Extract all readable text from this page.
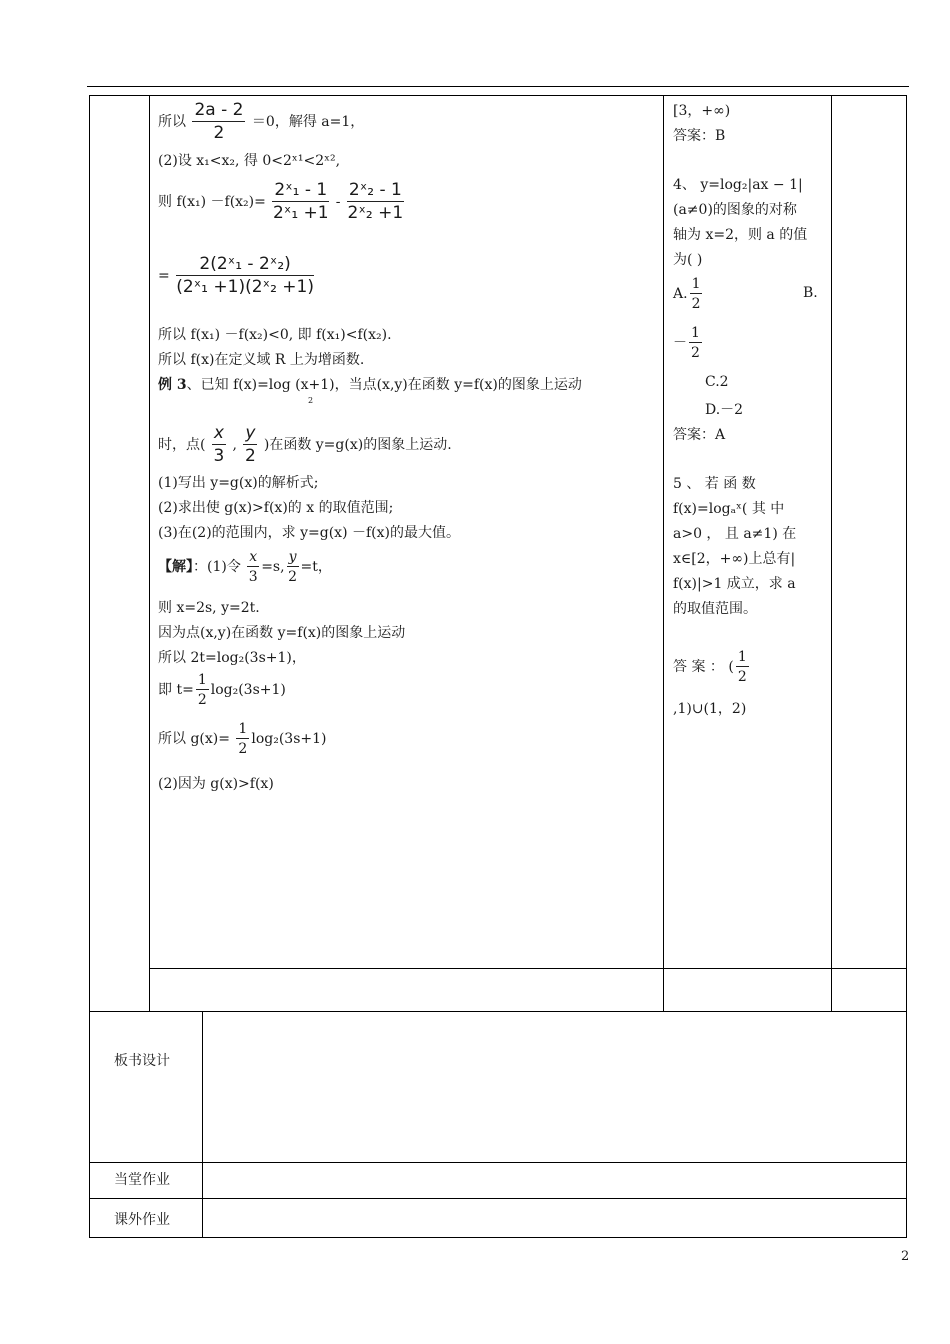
所以 $\frac{2a - 2}{2} =0$，解得 a=1，
(2)设 x₁<x₂, 得 0<2ˣ¹<2ˣ²,
则 $f(x_1) -f(x_2)= \frac{\text{2ˣ₁ - 1}}{\text{2ˣ₁ +1}} - \frac{\text{2ˣ₂ - 1}}{\text{2ˣ₂ +1}}$
= $\frac{\text{2(2ˣ₁ - 2ˣ₂)}}{\text{(2ˣ₁ +1)(2ˣ₂ +1)}}$
所以 f(x₁) －f(x₂)<0, 即 f(x₁)<f(x₂).
所以 f(x)在定义域 R 上为增函数.
例 3、已知 f(x)=log (x+1)，当点(x,y)在函数 y=f(x)的图象上运动
2
时，点( $\frac{x}{3}$ , $\frac{y}{2}$ )在函数 y=g(x)的图象上运动.
(1)写出 y=g(x)的解析式;
(2)求出使 g(x)>f(x)的 x 的取值范围;
(3)在(2)的范围内，求 y=g(x) －f(x)的最大值。
【解】：(1)令 $\frac{x}{3} =s$, $\frac{y}{2} =t$，
则 x=2s, y=2t.
因为点(x,y)在函数 y=f(x)的图象上运动
所以 2t=log₂(3s+1)，
即 $t= \frac{1}{2} \log_2(3s+1)$
所以 $g(x)= \frac{1}{2} \log_2(3s+1)$
(2)因为 g(x)>f(x)
[3，+∞)
答案：B
4、 y=log₂|ax − 1|
(a≠0)的图象的对称
轴为 x=2，则 a 的值
为( )
A. $\frac{1}{2}$	B.
－ $\frac{1}{2}$
C.2
D.－2
答案：A
5 、 若 函 数
f(x)=logₐˣ( 其 中
a>0 ， 且 a≠1) 在
x∈[2，+∞)上总有|
f(x)|>1 成立，求 a
的取值范围。
答 案 ： ( $\frac{1}{2}$
,1)∪(1，2)
板书设计
当堂作业
课外作业
2
